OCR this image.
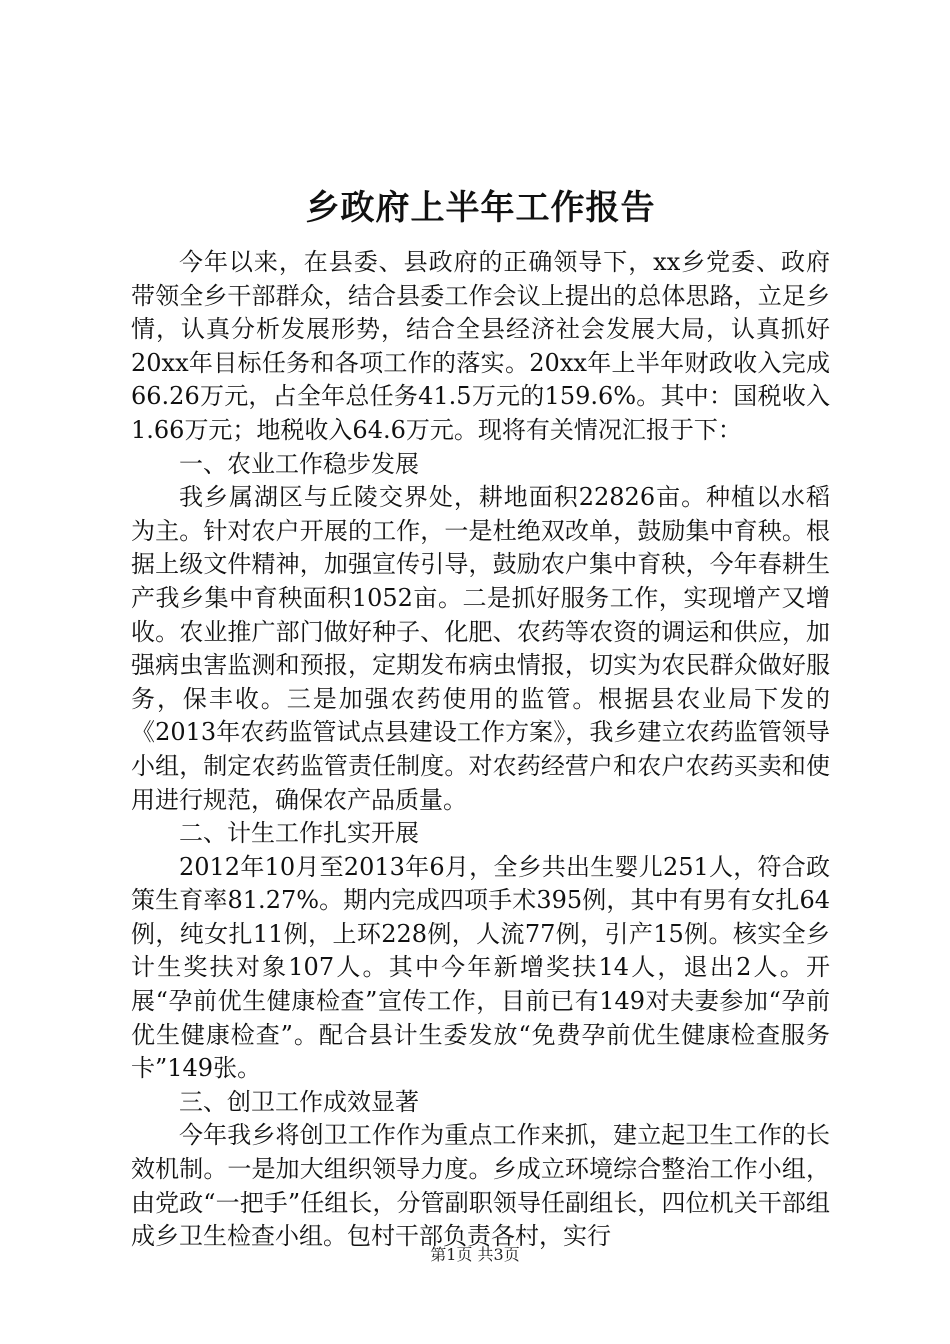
乡政府上半年工作报告

今年以来，在县委、县政府的正确领导下，xx乡党委、政府带领全乡干部群众，结合县委工作会议上提出的总体思路，立足乡情，认真分析发展形势，结合全县经济社会发展大局，认真抓好20xx年目标任务和各项工作的落实。20xx年上半年财政收入完成66.26万元，占全年总任务41.5万元的159.6%。其中：国税收入1.66万元；地税收入64.6万元。现将有关情况汇报于下：

一、农业工作稳步发展

我乡属湖区与丘陵交界处，耕地面积22826亩。种植以水稻为主。针对农户开展的工作，一是杜绝双改单，鼓励集中育秧。根据上级文件精神，加强宣传引导，鼓励农户集中育秧，今年春耕生产我乡集中育秧面积1052亩。二是抓好服务工作，实现增产又增收。农业推广部门做好种子、化肥、农药等农资的调运和供应，加强病虫害监测和预报，定期发布病虫情报，切实为农民群众做好服务，保丰收。三是加强农药使用的监管。根据县农业局下发的《2013年农药监管试点县建设工作方案》，我乡建立农药监管领导小组，制定农药监管责任制度。对农药经营户和农户农药买卖和使用进行规范，确保农产品质量。

二、计生工作扎实开展

2012年10月至2013年6月，全乡共出生婴儿251人，符合政策生育率81.27%。期内完成四项手术395例，其中有男有女扎64例，纯女扎11例，上环228例，人流77例，引产15例。核实全乡计生奖扶对象107人。其中今年新增奖扶14人，退出2人。开展“孕前优生健康检查”宣传工作，目前已有149对夫妻参加“孕前优生健康检查”。配合县计生委发放“免费孕前优生健康检查服务卡”149张。

三、创卫工作成效显著

今年我乡将创卫工作作为重点工作来抓，建立起卫生工作的长效机制。一是加大组织领导力度。乡成立环境综合整治工作小组，由党政“一把手”任组长，分管副职领导任副组长，四位机关干部组成乡卫生检查小组。包村干部负责各村，实行

第1页 共3页
